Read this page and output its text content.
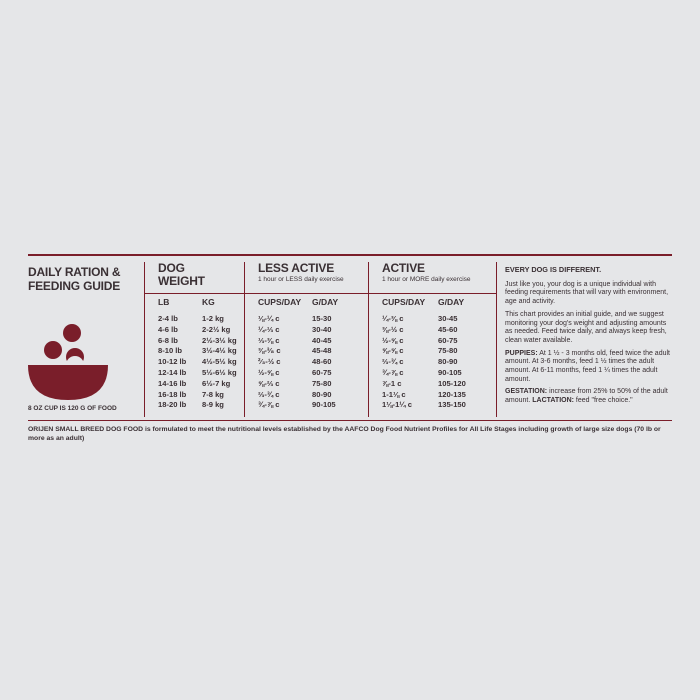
DAILY RATION & FEEDING GUIDE
8 OZ CUP IS 120 G OF FOOD
DOG
WEIGHT
LB	KG
2-4 lb
4-6 lb
6-8 lb
8-10 lb
10-12 lb
12-14 lb
14-16 lb
16-18 lb
18-20 lb
1-2 kg
2-2½ kg
2½-3½ kg
3½-4½ kg
4½-5½ kg
5½-6½ kg
6½-7 kg
7-8 kg
8-9 kg
LESS ACTIVE
1 hour or LESS daily exercise
CUPS/DAY G/DAY
⅛-¼ c
¼-⅓ c
⅓-⅜ c
⅜-³⁄₈ c
²⁄₃-½ c
½-⅝ c
⅝-⅔ c
⅔-¾ c
¾-⅞ c
15-30
30-40
40-45
45-48
48-60
60-75
75-80
80-90
90-105
ACTIVE
1 hour or MORE daily exercise
CUPS/DAY G/DAY
¼-⅜ c
⅜-½ c
½-⅝ c
⅝-⅝ c
⅔-¾ c
¾-⅞ c
⅞-1 c
1-1⅛ c
1⅛-1¼ c
30-45
45-60
60-75
75-80
80-90
90-105
105-120
120-135
135-150

EVERY DOG IS DIFFERENT.

Just like you, your dog is a unique individual with feeding requirements that will vary with environment, age and activity.

This chart provides an initial guide, and we suggest monitoring your dog's weight and adjusting amounts as needed. Feed twice daily, and always keep fresh, clean water available.

PUPPIES: At 1 ½ - 3 months old, feed twice the adult amount. At 3-6 months, feed 1 ½ times the adult amount. At 6-11 months, feed 1 ¼ times the adult amount.

GESTATION: increase from 25% to 50% of the adult amount. LACTATION: feed "free choice."

ORIJEN SMALL BREED DOG FOOD is formulated to meet the nutritional levels established by the AAFCO Dog Food Nutrient Profiles for All Life Stages including growth of large size dogs (70 lb or more as an adult)
